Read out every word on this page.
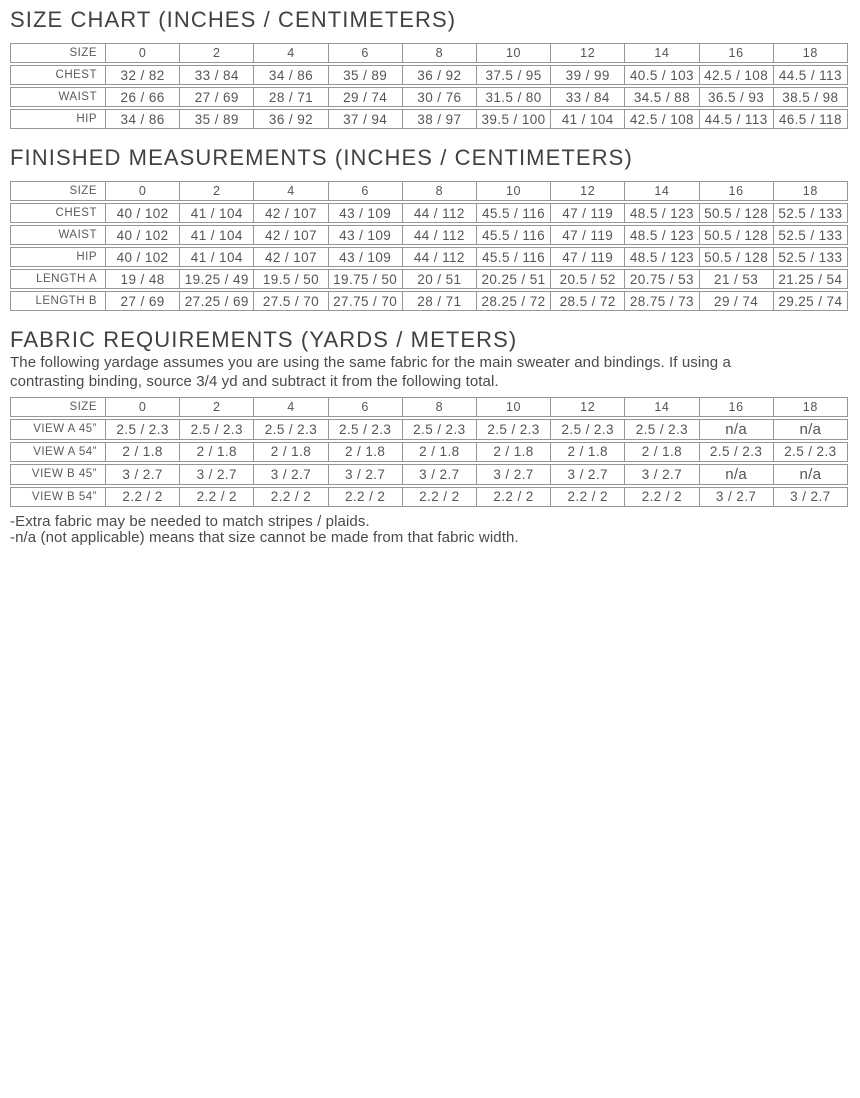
SIZE CHART (INCHES / CENTIMETERS)
SIZE	0	2	4	6	8	10	12	14	16	18
CHEST	32 / 82	33 / 84	34 / 86	35 / 89	36 / 92	37.5 / 95	39 / 99	40.5 / 103	42.5 / 108	44.5 / 113
WAIST	26 / 66	27 / 69	28 / 71	29 / 74	30 / 76	31.5 / 80	33 / 84	34.5 / 88	36.5 / 93	38.5 / 98
HIP	34 / 86	35 / 89	36 / 92	37 / 94	38 / 97	39.5 / 100	41 / 104	42.5 / 108	44.5 / 113	46.5 / 118
FINISHED MEASUREMENTS (INCHES / CENTIMETERS)
SIZE	0	2	4	6	8	10	12	14	16	18
CHEST	40 / 102	41 / 104	42 / 107	43 / 109	44 / 112	45.5 / 116	47 / 119	48.5 / 123	50.5 / 128	52.5 / 133
WAIST	40 / 102	41 / 104	42 / 107	43 / 109	44 / 112	45.5 / 116	47 / 119	48.5 / 123	50.5 / 128	52.5 / 133
HIP	40 / 102	41 / 104	42 / 107	43 / 109	44 / 112	45.5 / 116	47 / 119	48.5 / 123	50.5 / 128	52.5 / 133
LENGTH A	19 / 48	19.25 / 49	19.5 / 50	19.75 / 50	20 / 51	20.25 / 51	20.5 / 52	20.75 / 53	21 / 53	21.25 / 54
LENGTH B	27 / 69	27.25 / 69	27.5 / 70	27.75 / 70	28 / 71	28.25 / 72	28.5 / 72	28.75 / 73	29 / 74	29.25 / 74
FABRIC REQUIREMENTS (YARDS / METERS)

The following yardage assumes you are using the same fabric for the main sweater and bindings. If using a
contrasting binding, source 3/4 yd and subtract it from the following total.

SIZE	0	2	4	6	8	10	12	14	16	18
VIEW A 45”	2.5 / 2.3	2.5 / 2.3	2.5 / 2.3	2.5 / 2.3	2.5 / 2.3	2.5 / 2.3	2.5 / 2.3	2.5 / 2.3	n/a	n/a
VIEW A 54”	2 / 1.8	2 / 1.8	2 / 1.8	2 / 1.8	2 / 1.8	2 / 1.8	2 / 1.8	2 / 1.8	2.5 / 2.3	2.5 / 2.3
VIEW B 45”	3 / 2.7	3 / 2.7	3 / 2.7	3 / 2.7	3 / 2.7	3 / 2.7	3 / 2.7	3 / 2.7	n/a	n/a
VIEW B 54”	2.2 / 2	2.2 / 2	2.2 / 2	2.2 / 2	2.2 / 2	2.2 / 2	2.2 / 2	2.2 / 2	3 / 2.7	3 / 2.7
-Extra fabric may be needed to match stripes / plaids.
-n/a (not applicable) means that size cannot be made from that fabric width.
